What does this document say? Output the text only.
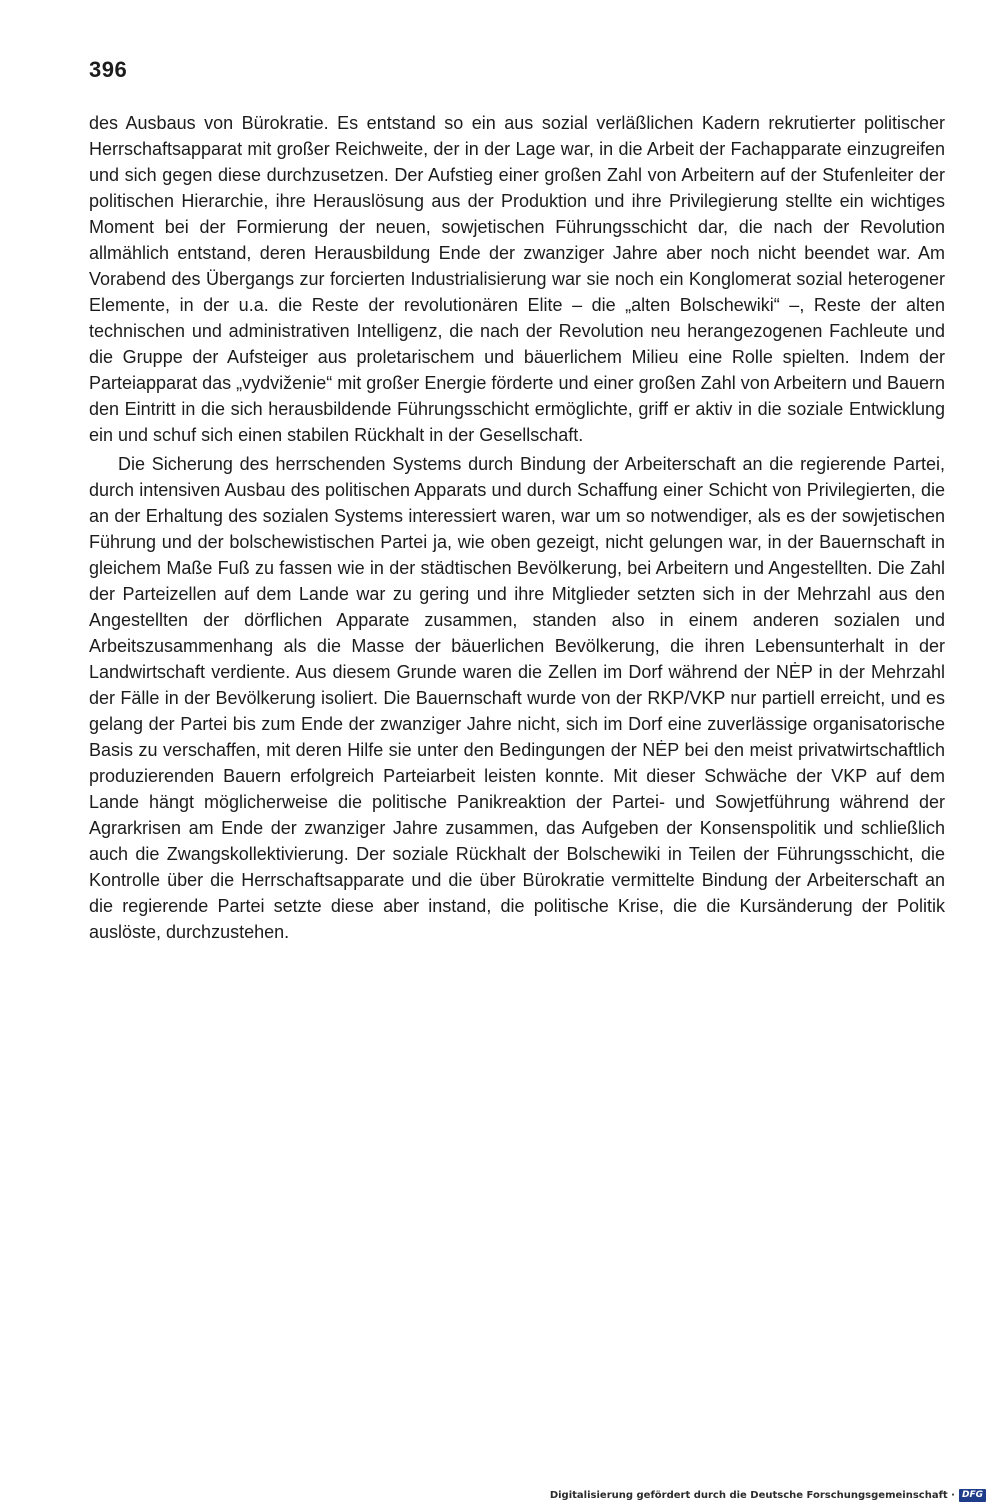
396

des Ausbaus von Bürokratie. Es entstand so ein aus sozial verläßlichen Kadern rekrutierter politischer Herrschaftsapparat mit großer Reichweite, der in der Lage war, in die Arbeit der Fachapparate einzugreifen und sich gegen diese durchzusetzen. Der Aufstieg einer großen Zahl von Arbeitern auf der Stufenleiter der politischen Hierarchie, ihre Herauslösung aus der Produktion und ihre Privilegierung stellte ein wichtiges Moment bei der Formierung der neuen, sowjetischen Führungsschicht dar, die nach der Revolution allmählich entstand, deren Herausbildung Ende der zwanziger Jahre aber noch nicht beendet war. Am Vorabend des Übergangs zur forcierten Industrialisierung war sie noch ein Konglomerat sozial heterogener Elemente, in der u.a. die Reste der revolutionären Elite – die „alten Bolschewiki“ –, Reste der alten technischen und administrativen Intelligenz, die nach der Revolution neu herangezogenen Fachleute und die Gruppe der Aufsteiger aus proletarischem und bäuerlichem Milieu eine Rolle spielten. Indem der Parteiapparat das „vydviženie“ mit großer Energie förderte und einer großen Zahl von Arbeitern und Bauern den Eintritt in die sich herausbildende Führungsschicht ermöglichte, griff er aktiv in die soziale Entwicklung ein und schuf sich einen stabilen Rückhalt in der Gesellschaft.

Die Sicherung des herrschenden Systems durch Bindung der Arbeiterschaft an die regierende Partei, durch intensiven Ausbau des politischen Apparats und durch Schaffung einer Schicht von Privilegierten, die an der Erhaltung des sozialen Systems interessiert waren, war um so notwendiger, als es der sowjetischen Führung und der bolschewistischen Partei ja, wie oben gezeigt, nicht gelungen war, in der Bauernschaft in gleichem Maße Fuß zu fassen wie in der städtischen Bevölkerung, bei Arbeitern und Angestellten. Die Zahl der Parteizellen auf dem Lande war zu gering und ihre Mitglieder setzten sich in der Mehrzahl aus den Angestellten der dörflichen Apparate zusammen, standen also in einem anderen sozialen und Arbeitszusammenhang als die Masse der bäuerlichen Bevölkerung, die ihren Lebensunterhalt in der Landwirtschaft verdiente. Aus diesem Grunde waren die Zellen im Dorf während der NĖP in der Mehrzahl der Fälle in der Bevölkerung isoliert. Die Bauernschaft wurde von der RKP/VKP nur partiell erreicht, und es gelang der Partei bis zum Ende der zwanziger Jahre nicht, sich im Dorf eine zuverlässige organisatorische Basis zu verschaffen, mit deren Hilfe sie unter den Bedingungen der NĖP bei den meist privatwirtschaftlich produzierenden Bauern erfolgreich Parteiarbeit leisten konnte. Mit dieser Schwäche der VKP auf dem Lande hängt möglicherweise die politische Panikreaktion der Partei- und Sowjetführung während der Agrarkrisen am Ende der zwanziger Jahre zusammen, das Aufgeben der Konsenspolitik und schließlich auch die Zwangskollektivierung. Der soziale Rückhalt der Bolschewiki in Teilen der Führungsschicht, die Kontrolle über die Herrschaftsapparate und die über Bürokratie vermittelte Bindung der Arbeiterschaft an die regierende Partei setzte diese aber instand, die politische Krise, die die Kursänderung der Politik auslöste, durchzustehen.

Digitalisierung gefördert durch die Deutsche Forschungsgemeinschaft · DFG
